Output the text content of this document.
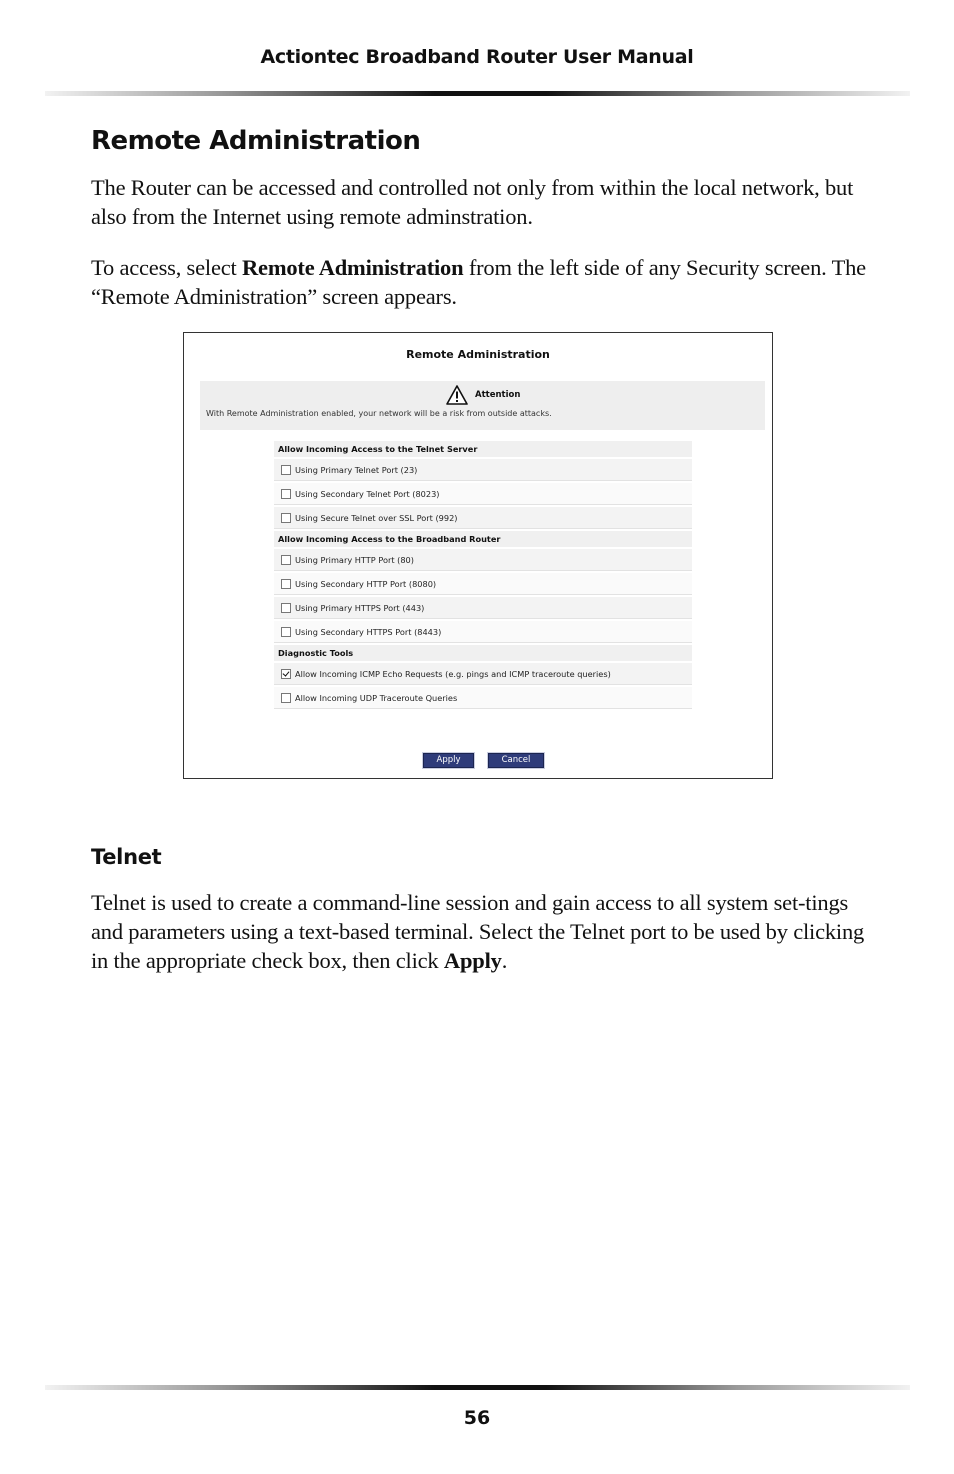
Actiontec Broadband Router User Manual
Remote Administration

The Router can be accessed and controlled not only from within the local network, but also from the Internet using remote adminstration.

To access, select Remote Administration from the left side of any Security screen. The “Remote Administration” screen appears.

Remote Administration
Attention
With Remote Administration enabled, your network will be a risk from outside attacks.
Allow Incoming Access to the Telnet Server
Using Primary Telnet Port (23)
Using Secondary Telnet Port (8023)
Using Secure Telnet over SSL Port (992)
Allow Incoming Access to the Broadband Router
Using Primary HTTP Port (80)
Using Secondary HTTP Port (8080)
Using Primary HTTPS Port (443)
Using Secondary HTTPS Port (8443)
Diagnostic Tools
Allow Incoming ICMP Echo Requests (e.g. pings and ICMP traceroute queries)
Allow Incoming UDP Traceroute Queries
Apply	Cancel
Telnet

Telnet is used to create a command-line session and gain access to all system set-tings and parameters using a text-based terminal. Select the Telnet port to be used by clicking in the appropriate check box, then click Apply.

56
